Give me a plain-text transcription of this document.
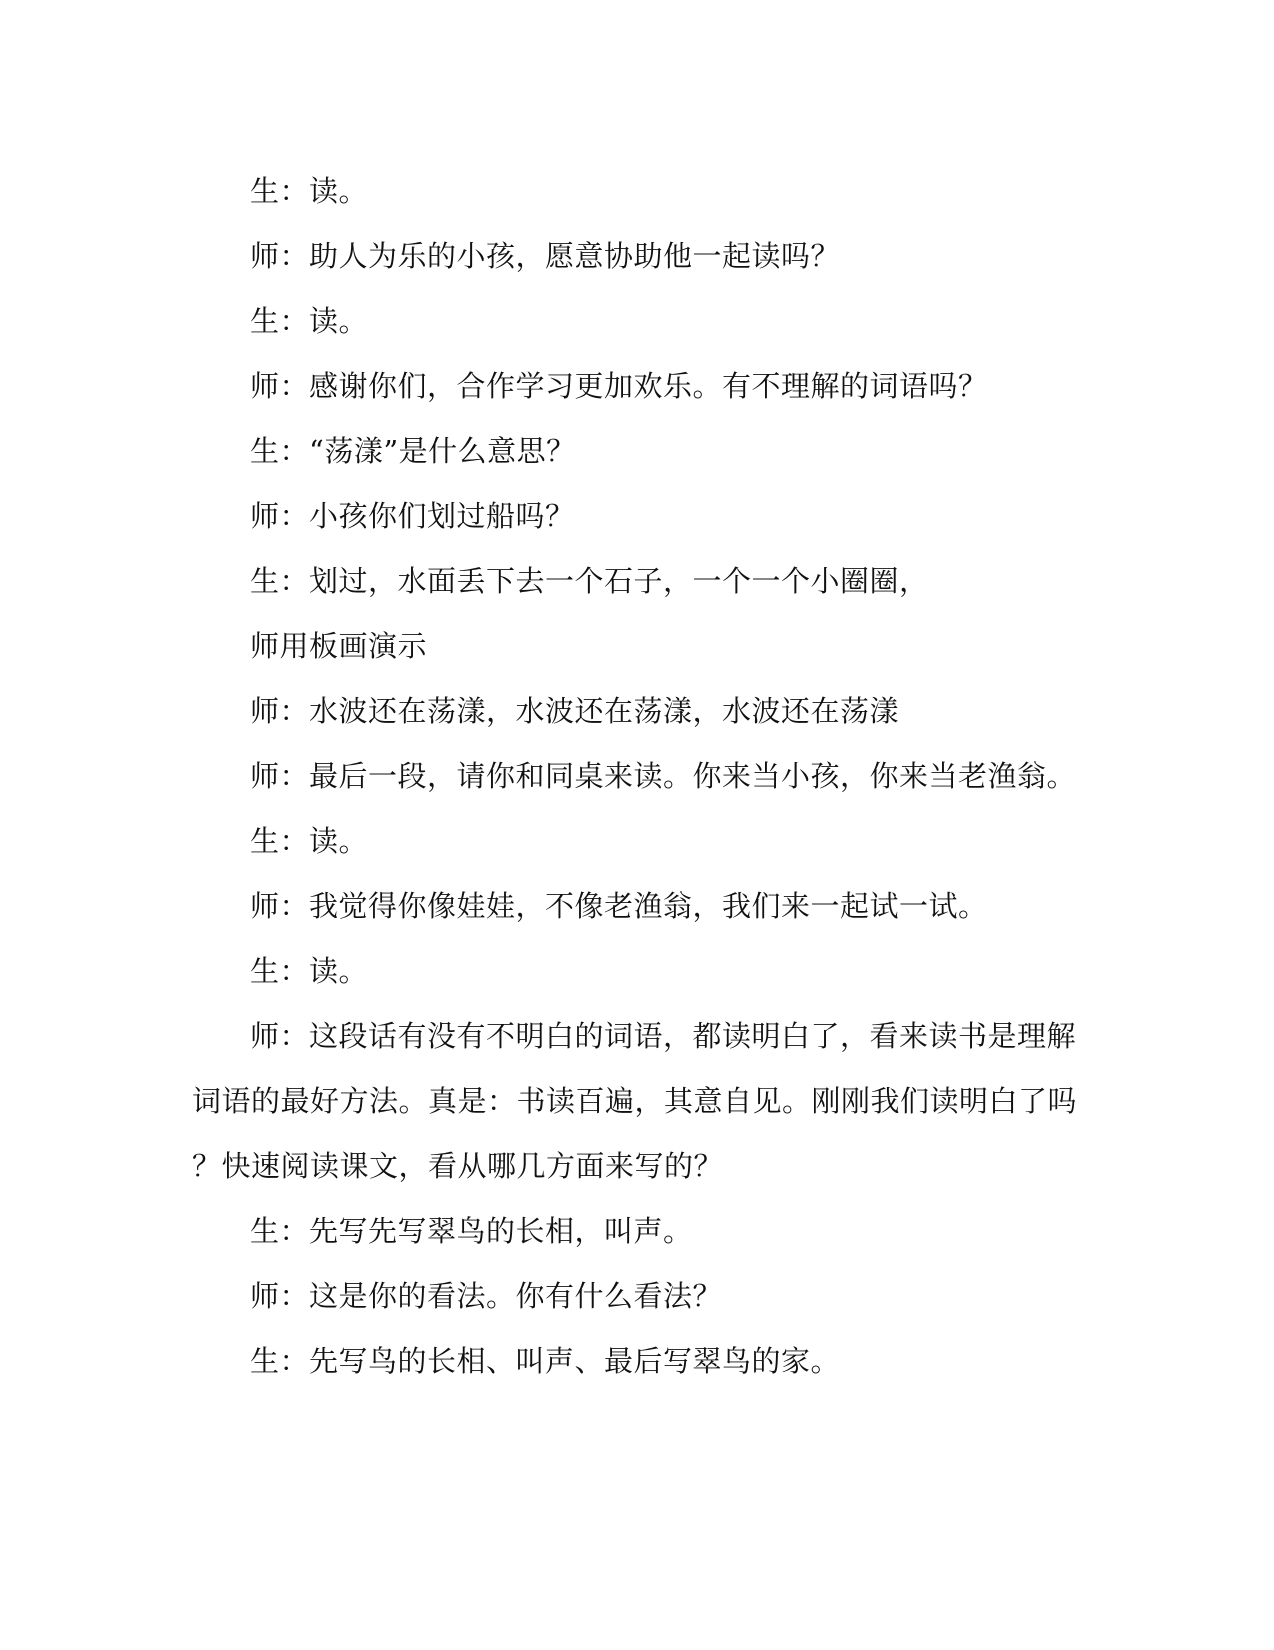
生：读。
师：助人为乐的小孩，愿意协助他一起读吗？
生：读。
师：感谢你们，合作学习更加欢乐。有不理解的词语吗？
生：“荡漾”是什么意思？
师：小孩你们划过船吗？
生：划过，水面丢下去一个石子，一个一个小圈圈，
师用板画演示
师：水波还在荡漾，水波还在荡漾，水波还在荡漾
师：最后一段，请你和同桌来读。你来当小孩，你来当老渔翁。
生：读。
师：我觉得你像娃娃，不像老渔翁，我们来一起试一试。
生：读。
师：这段话有没有不明白的词语，都读明白了，看来读书是理解
词语的最好方法。真是：书读百遍，其意自见。刚刚我们读明白了吗
？快速阅读课文，看从哪几方面来写的？
生：先写先写翠鸟的长相，叫声。
师：这是你的看法。你有什么看法？
生：先写鸟的长相、叫声、最后写翠鸟的家。
